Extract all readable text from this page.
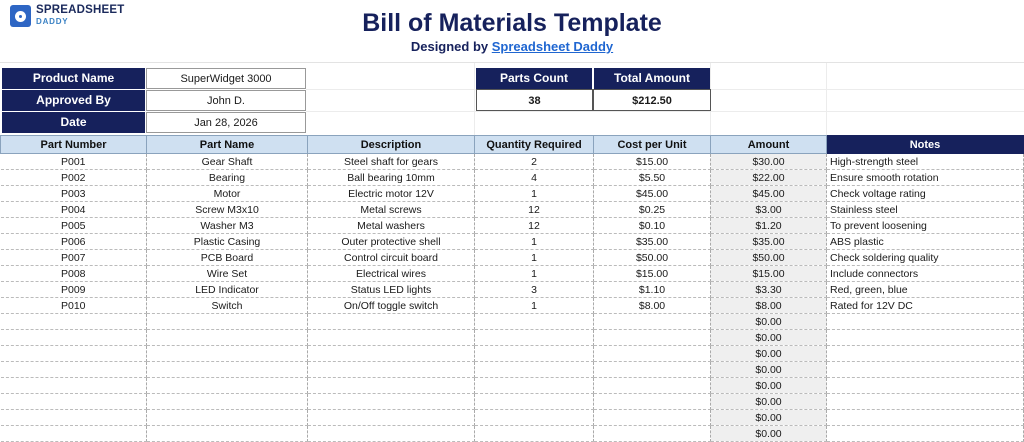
SPREADSHEET
DADDY	Bill of Materials Template
Designed by Spreadsheet Daddy
Product Name	SuperWidget 3000
Approved By	John D.
Date	Jan 28, 2026
Parts Count	Total Amount
38	$212.50
Part Number	Part Name	Description	Quantity Required	Cost per Unit	Amount	Notes
P001	Gear Shaft	Steel shaft for gears	2	$15.00	$30.00	High-strength steel
P002	Bearing	Ball bearing 10mm	4	$5.50	$22.00	Ensure smooth rotation
P003	Motor	Electric motor 12V	1	$45.00	$45.00	Check voltage rating
P004	Screw M3x10	Metal screws	12	$0.25	$3.00	Stainless steel
P005	Washer M3	Metal washers	12	$0.10	$1.20	To prevent loosening
P006	Plastic Casing	Outer protective shell	1	$35.00	$35.00	ABS plastic
P007	PCB Board	Control circuit board	1	$50.00	$50.00	Check soldering quality
P008	Wire Set	Electrical wires	1	$15.00	$15.00	Include connectors
P009	LED Indicator	Status LED lights	3	$1.10	$3.30	Red, green, blue
P010	Switch	On/Off toggle switch	1	$8.00	$8.00	Rated for 12V DC
					$0.00	
					$0.00	
					$0.00	
					$0.00	
					$0.00	
					$0.00	
					$0.00	
					$0.00	
